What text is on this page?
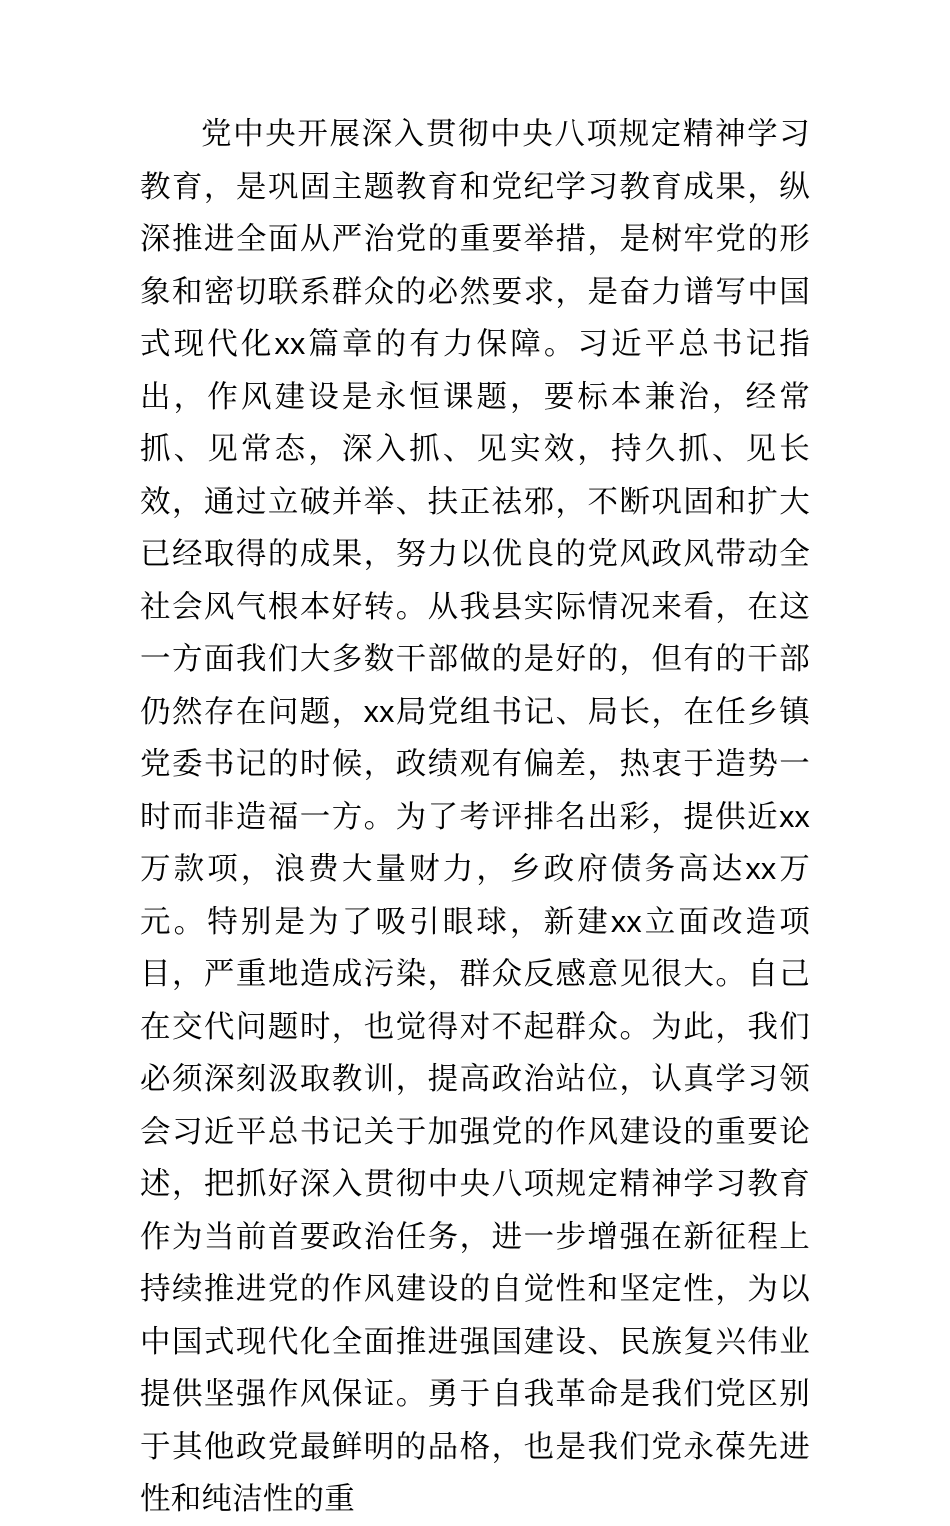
党中央开展深入贯彻中央八项规定精神学习教育，是巩固主题教育和党纪学习教育成果，纵深推进全面从严治党的重要举措，是树牢党的形象和密切联系群众的必然要求，是奋力谱写中国式现代化xx篇章的有力保障。习近平总书记指出，作风建设是永恒课题，要标本兼治，经常抓、见常态，深入抓、见实效，持久抓、见长效，通过立破并举、扶正祛邪，不断巩固和扩大已经取得的成果，努力以优良的党风政风带动全社会风气根本好转。从我县实际情况来看，在这一方面我们大多数干部做的是好的，但有的干部仍然存在问题，xx局党组书记、局长，在任乡镇党委书记的时候，政绩观有偏差，热衷于造势一时而非造福一方。为了考评排名出彩，提供近xx万款项，浪费大量财力，乡政府债务高达xx万元。特别是为了吸引眼球，新建xx立面改造项目，严重地造成污染，群众反感意见很大。自己在交代问题时，也觉得对不起群众。为此，我们必须深刻汲取教训，提高政治站位，认真学习领会习近平总书记关于加强党的作风建设的重要论述，把抓好深入贯彻中央八项规定精神学习教育作为当前首要政治任务，进一步增强在新征程上持续推进党的作风建设的自觉性和坚定性，为以中国式现代化全面推进强国建设、民族复兴伟业提供坚强作风保证。勇于自我革命是我们党区别于其他政党最鲜明的品格，也是我们党永葆先进性和纯洁性的重
